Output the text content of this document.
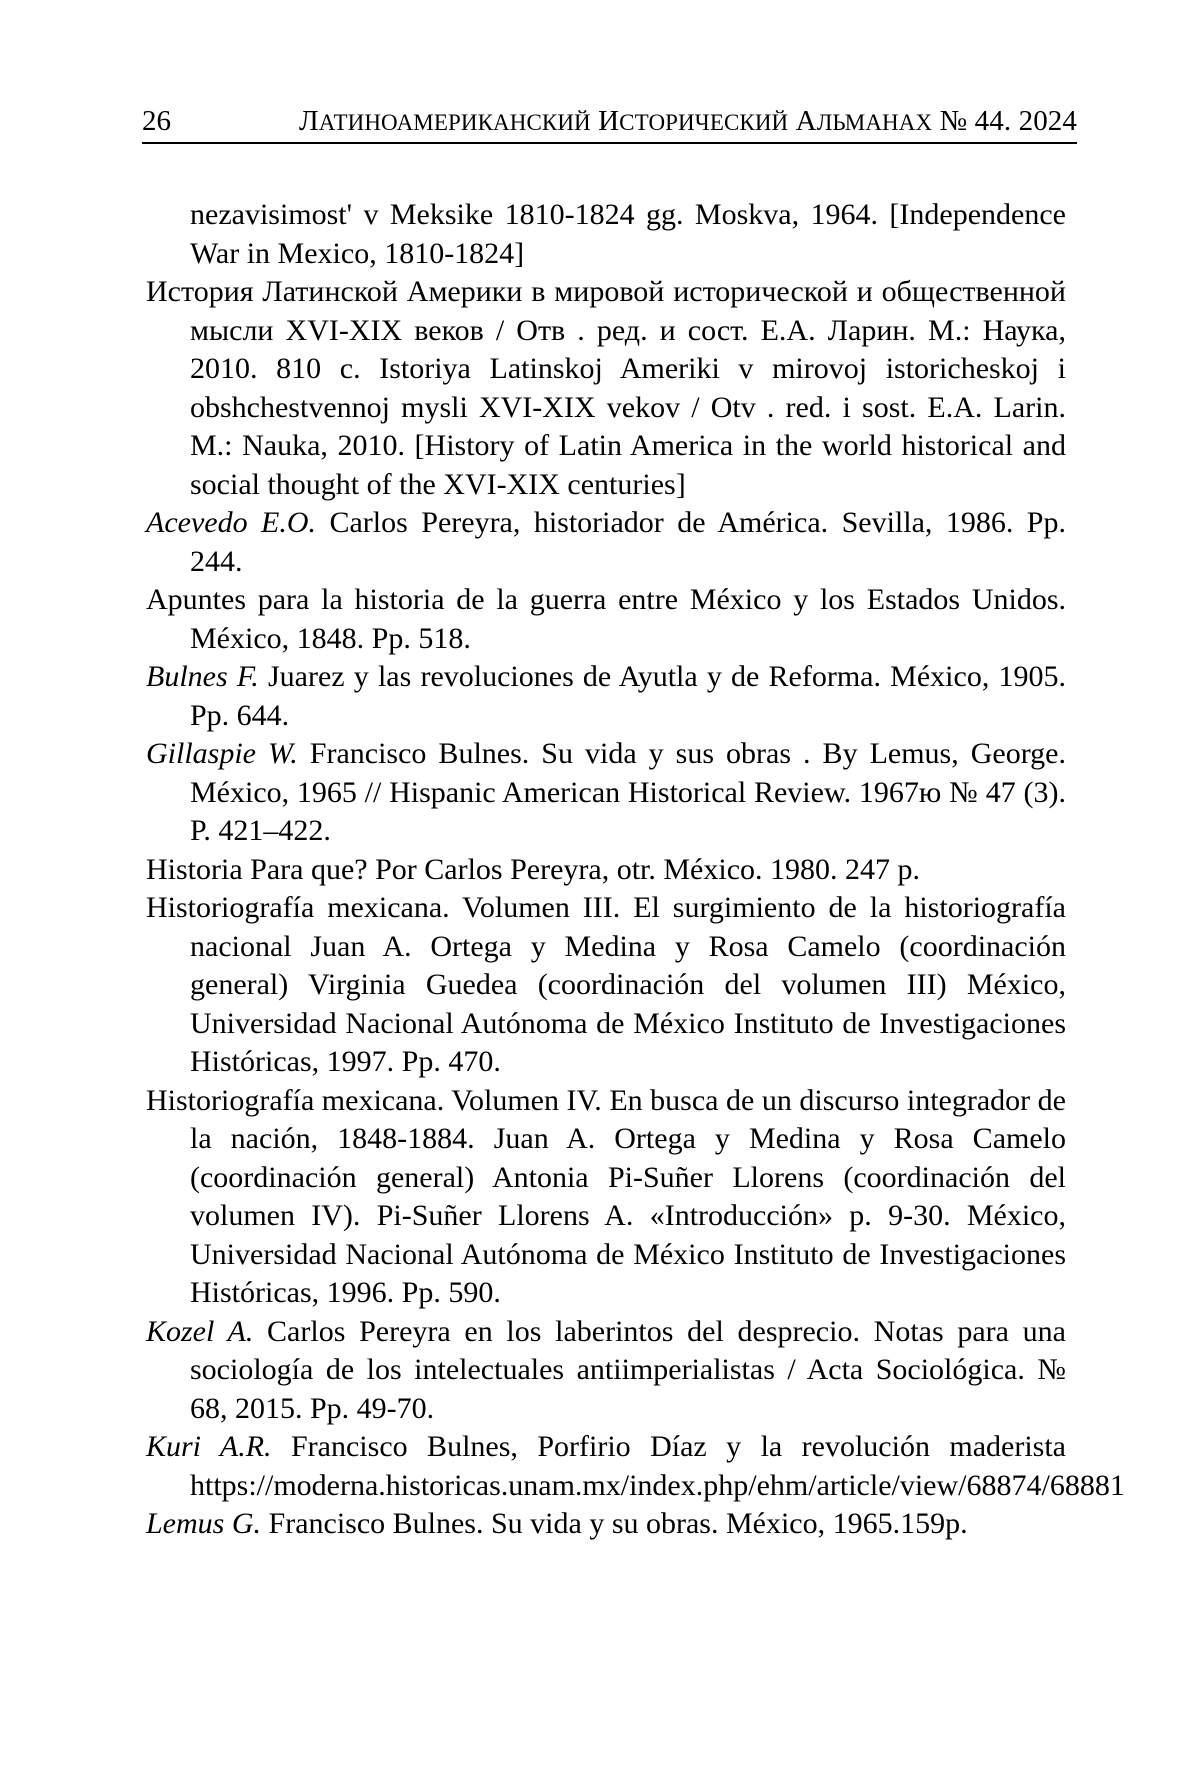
26	ЛАТИНОАМЕРИКАНСКИЙ ИСТОРИЧЕСКИЙ АЛЬМАНАХ № 44. 2024

nezavisimost' v Meksike 1810-1824 gg. Moskva, 1964. [Independence War in Mexico, 1810-1824]

История Латинской Америки в мировой исторической и общественной мысли XVI-XIX веков / Отв . ред. и сост. Е.А. Ларин. М.: Наука, 2010. 810 с. Istoriya Latinskoj Ameriki v mirovoj istoricheskoj i obshchestvennoj mysli XVI-XIX vekov / Otv . red. i sost. E.A. Larin. M.: Nauka, 2010. [History of Latin America in the world historical and social thought of the XVI-XIX centuries]

Acevedo E.O. Carlos Pereyra, historiador de América. Sevilla, 1986. Pp. 244.

Apuntes para la historia de la guerra entre México y los Estados Unidos. México, 1848. Pp. 518.

Bulnes F. Juarez y las revoluciones de Ayutla y de Reforma. México, 1905. Pp. 644.

Gillaspie W. Francisco Bulnes. Su vida y sus obras . By Lemus, George. México, 1965 // Hispanic American Historical Review. 1967ю № 47 (3). P. 421–422.

Historia Para que? Por Carlos Pereyra, otr. México. 1980. 247 p.

Historiografía mexicana. Volumen III. El surgimiento de la historiografía nacional Juan A. Ortega y Medina y Rosa Camelo (coordinación general) Virginia Guedea (coordinación del volumen III) México, Universidad Nacional Autónoma de México Instituto de Investigaciones Históricas, 1997. Pp. 470.

Historiografía mexicana. Volumen IV. En busca de un discurso integrador de la nación, 1848-1884. Juan A. Ortega y Medina y Rosa Camelo (coordinación general) Antonia Pi-Suñer Llorens (coordinación del volumen IV). Pi-Suñer Llorens A. «Introducción» p. 9-30. México, Universidad Nacional Autónoma de México Instituto de Investigaciones Históricas, 1996. Pp. 590.

Kozel A. Carlos Pereyra en los laberintos del desprecio. Notas para una sociología de los intelectuales antiimperialistas / Acta Sociológica. № 68, 2015. Pp. 49-70.

Kuri A.R. Francisco Bulnes, Porfirio Díaz y la revolución maderista https://moderna.historicas.unam.mx/index.php/ehm/article/view/68874/68881

Lemus G. Francisco Bulnes. Su vida y su obras. México, 1965.159p.
